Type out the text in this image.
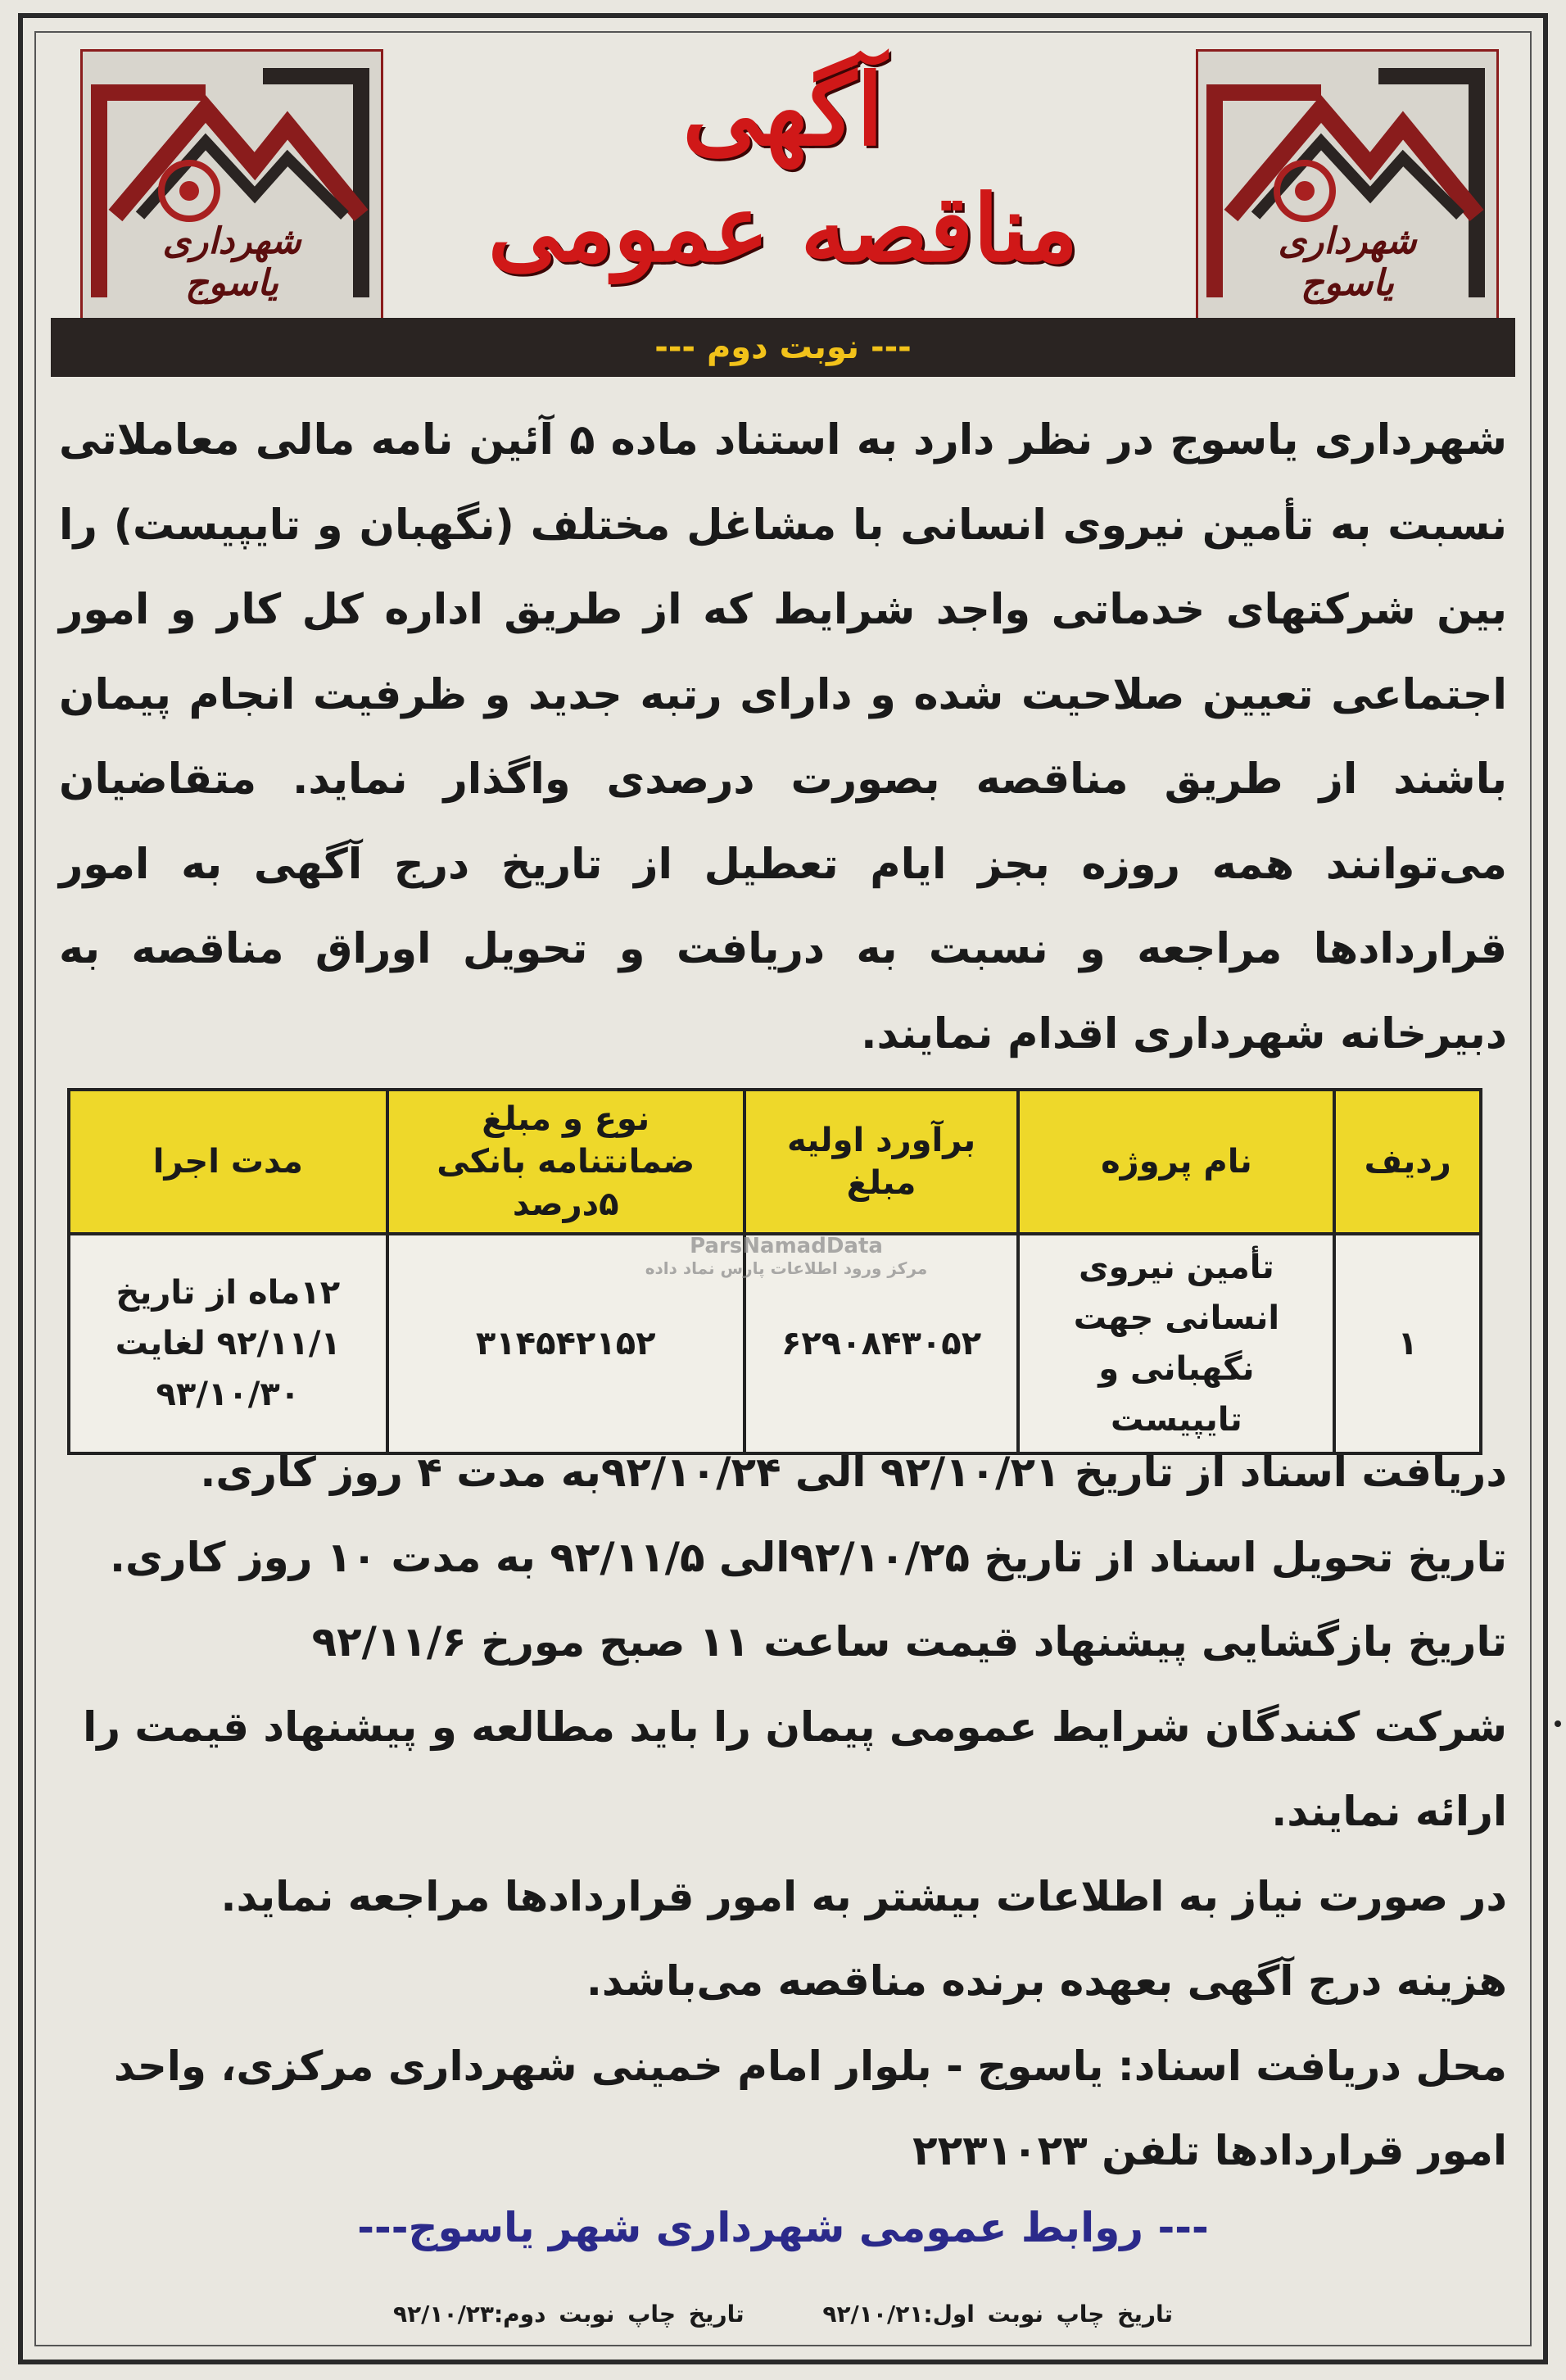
شهرداری یاسوج
آگهی
مناقصه عمومی	شهرداری یاسوج
--- نوبت دوم ---
شهرداری یاسوج در نظر دارد به استناد ماده ۵ آئین نامه مالی معاملاتی نسبت به تأمین نیروی انسانی با مشاغل مختلف (نگهبان و تایپیست) را بین شرکتهای خدماتی واجد شرایط که از طریق اداره کل کار و امور اجتماعی تعیین صلاحیت شده و دارای رتبه جدید و ظرفیت انجام پیمان باشند از طریق مناقصه بصورت درصدی واگذار نماید. متقاضیان می‌توانند همه روزه بجز ایام تعطیل از تاریخ درج آگهی به امور قراردادها مراجعه و نسبت به دریافت و تحویل اوراق مناقصه به دبیرخانه شهرداری اقدام نمایند.
ردیف	نام پروژه	برآورد اولیه مبلغ	نوع و مبلغ ضمانتنامه بانکی ۵درصد	مدت اجرا
۱	تأمین نیروی انسانی جهت نگهبانی و تایپیست	۶۲۹۰۸۴۳۰۵۲	۳۱۴۵۴۲۱۵۲	۱۲ماه از تاریخ ۹۲/۱۱/۱ لغایت ۹۳/۱۰/۳۰
ParsNamadData
مرکز ورود اطلاعات پارس نماد داده

دریافت اسناد از تاریخ ۹۲/۱۰/۲۱ الی ۹۲/۱۰/۲۴به مدت ۴ روز کاری.

تاریخ تحویل اسناد از تاریخ ۹۲/۱۰/۲۵الی ۹۲/۱۱/۵ به مدت ۱۰ روز کاری.

تاریخ بازگشایی پیشنهاد قیمت ساعت ۱۱ صبح مورخ ۹۲/۱۱/۶

شرکت کنندگان شرایط عمومی پیمان را باید مطالعه و پیشنهاد قیمت را ارائه نمایند.

در صورت نیاز به اطلاعات بیشتر به امور قراردادها مراجعه نماید.

هزینه درج آگهی بعهده برنده مناقصه می‌باشد.

محل دریافت اسناد: یاسوج - بلوار امام خمینی شهرداری مرکزی، واحد امور قراردادها تلفن ۲۲۳۱۰۲۳

--- روابط عمومی شهرداری شهر یاسوج---
تاریخ چاپ نوبت اول:۹۲/۱۰/۲۱ تاریخ چاپ نوبت دوم:۹۲/۱۰/۲۳
